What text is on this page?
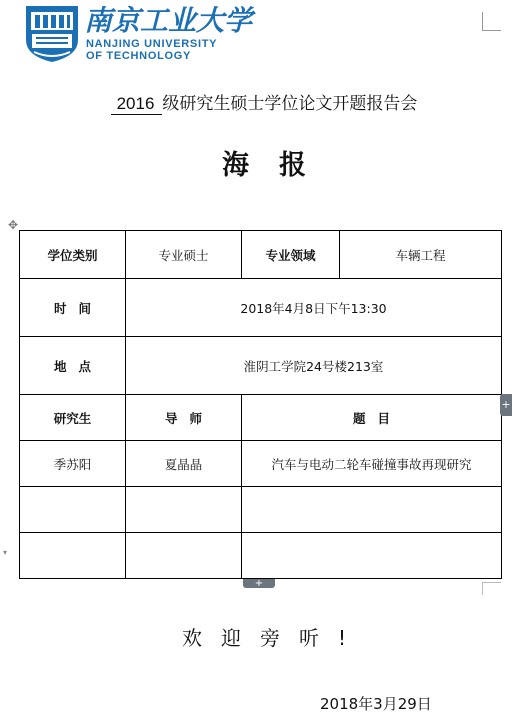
南京工业大学
NANJING UNIVERSITY
OF TECHNOLOGY
2016 级研究生硕士学位论文开题报告会
海报
✥
学位类别	专业硕士	专业领域	车辆工程
时间	2018年4月8日下午13:30		
地点	淮阴工学院24号楼213室		
研究生	导师	题目	
季苏阳	夏晶晶	汽车与电动二轮车碰撞事故再现研究	

+
+
▾
欢迎旁听!
2018年3月29日
